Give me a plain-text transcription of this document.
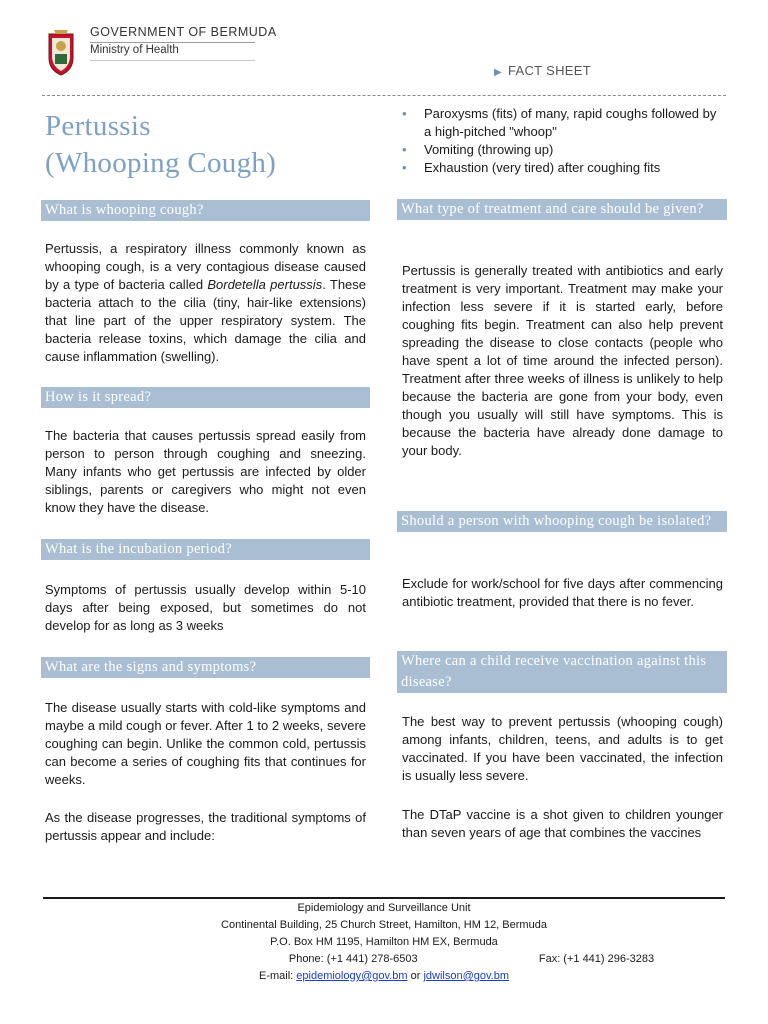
GOVERNMENT OF BERMUDA
Ministry of Health
▶ FACT SHEET
Pertussis
(Whooping Cough)
What is whooping cough?
Pertussis, a respiratory illness commonly known as whooping cough, is a very contagious disease caused by a type of bacteria called Bordetella pertussis. These bacteria attach to the cilia (tiny, hair-like extensions) that line part of the upper respiratory system. The bacteria release toxins, which damage the cilia and cause inflammation (swelling).
How is it spread?
The bacteria that causes pertussis spread easily from person to person through coughing and sneezing. Many infants who get pertussis are infected by older siblings, parents or caregivers who might not even know they have the disease.
What is the incubation period?
Symptoms of pertussis usually develop within 5-10 days after being exposed, but sometimes do not develop for as long as 3 weeks
What are the signs and symptoms?
The disease usually starts with cold-like symptoms and maybe a mild cough or fever. After 1 to 2 weeks, severe coughing can begin. Unlike the common cold, pertussis can become a series of coughing fits that continues for weeks.
As the disease progresses, the traditional symptoms of pertussis appear and include:
• Paroxysms (fits) of many, rapid coughs followed by a high-pitched "whoop"
• Vomiting (throwing up)
• Exhaustion (very tired) after coughing fits
What type of treatment and care should be given?
Pertussis is generally treated with antibiotics and early treatment is very important. Treatment may make your infection less severe if it is started early, before coughing fits begin. Treatment can also help prevent spreading the disease to close contacts (people who have spent a lot of time around the infected person). Treatment after three weeks of illness is unlikely to help because the bacteria are gone from your body, even though you usually will still have symptoms. This is because the bacteria have already done damage to your body.
Should a person with whooping cough be isolated?
Exclude for work/school for five days after commencing antibiotic treatment, provided that there is no fever.
Where can a child receive vaccination against this disease?
The best way to prevent pertussis (whooping cough) among infants, children, teens, and adults is to get vaccinated. If you have been vaccinated, the infection is usually less severe.
The DTaP vaccine is a shot given to children younger than seven years of age that combines the vaccines
Epidemiology and Surveillance Unit
Continental Building, 25 Church Street, Hamilton, HM 12, Bermuda
P.O. Box HM 1195, Hamilton HM EX, Bermuda
Phone: (+1 441) 278-6503	Fax: (+1 441) 296-3283
E-mail: epidemiology@gov.bm or jdwilson@gov.bm
